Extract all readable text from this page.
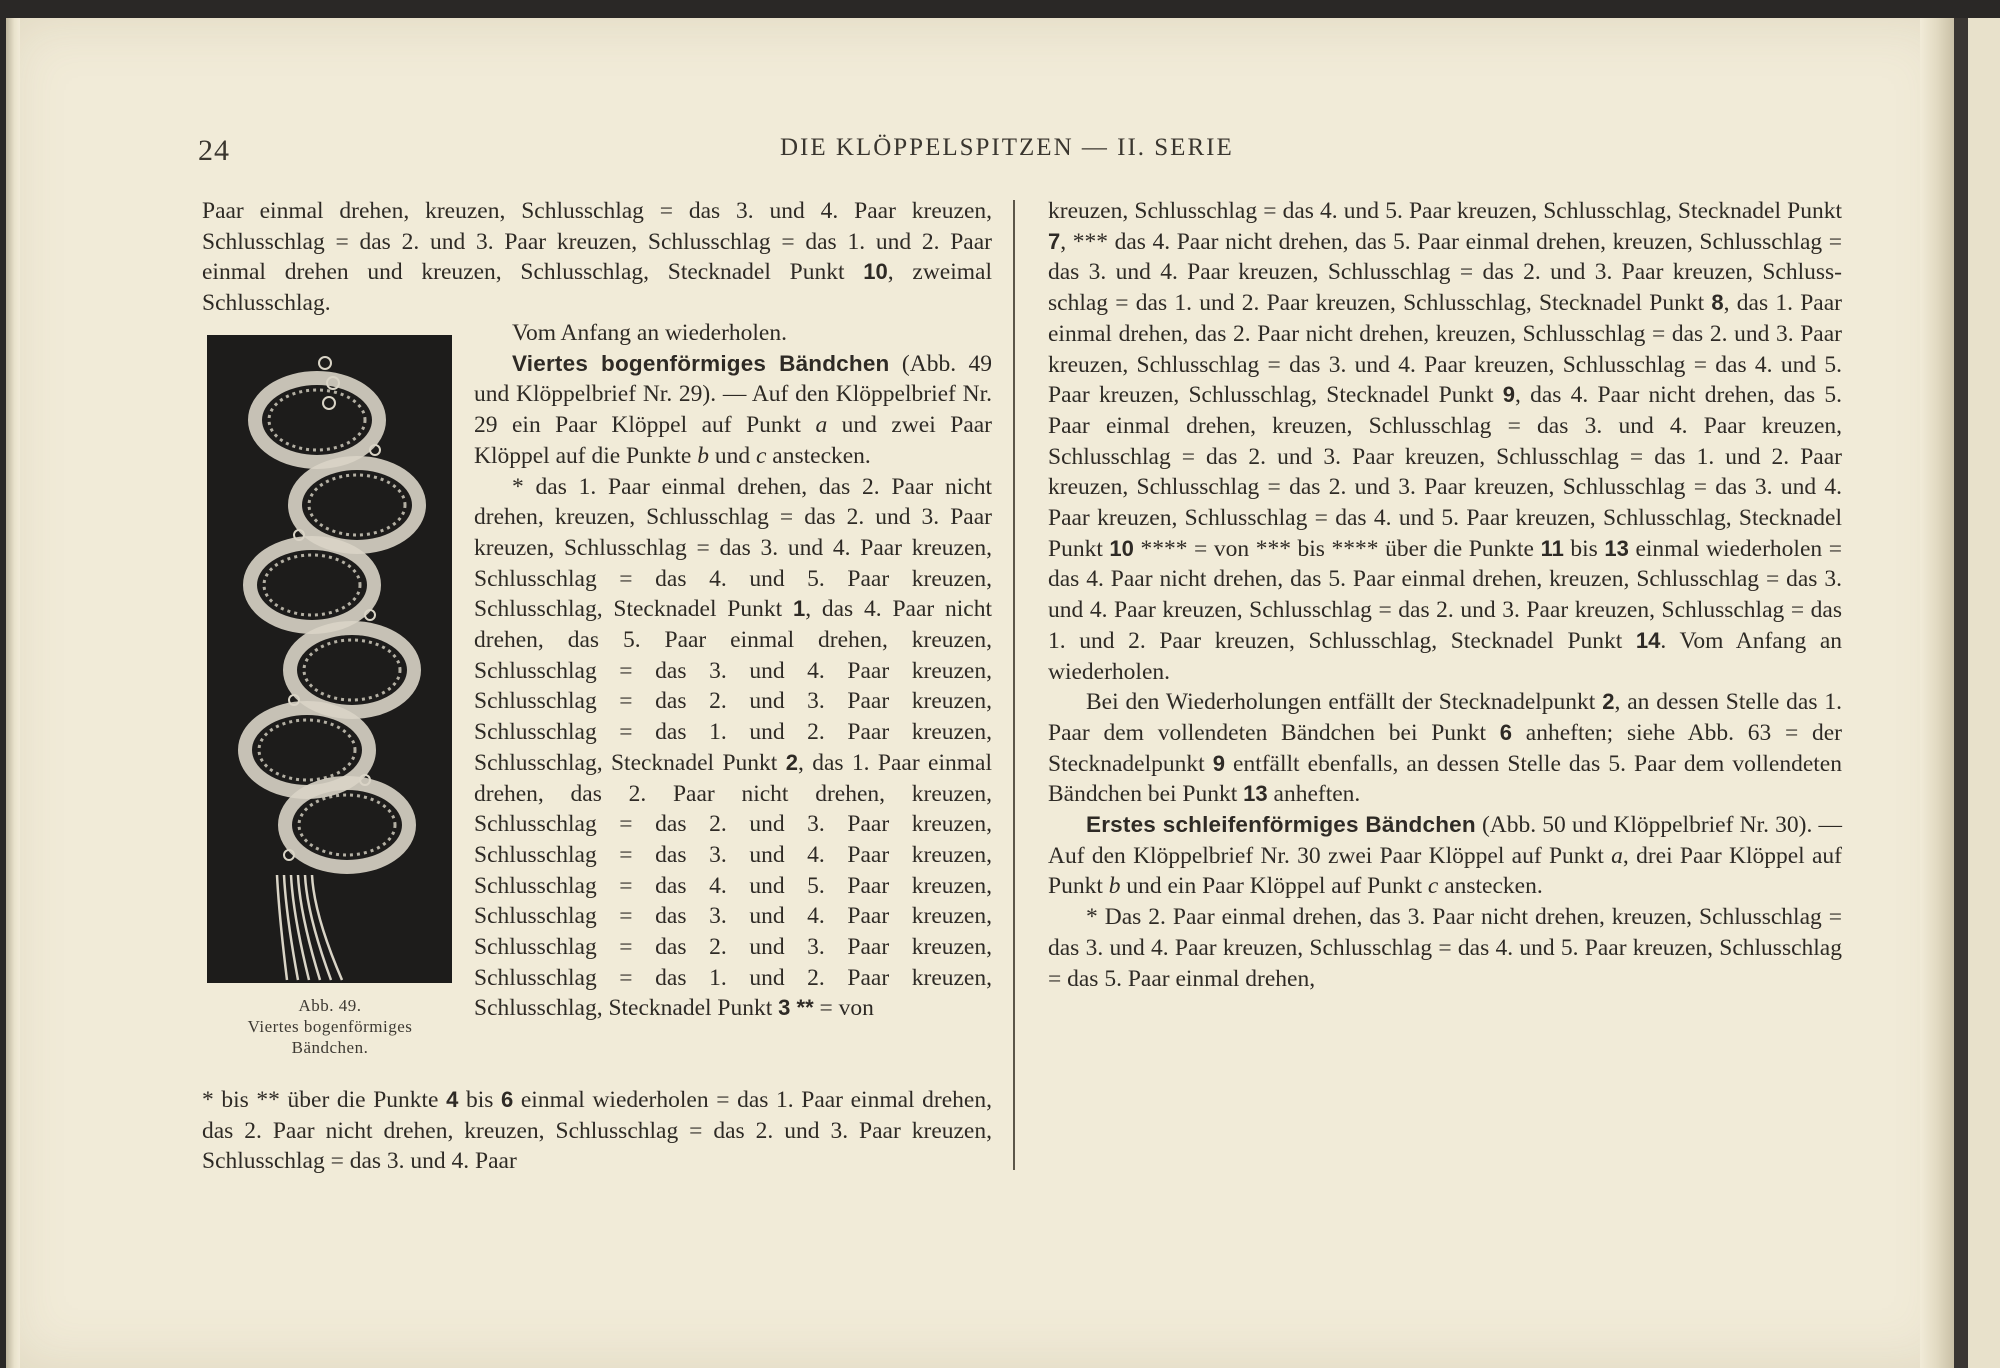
24	DIE KLÖPPELSPITZEN — II. SERIE

Paar einmal drehen, kreuzen, Schlusschlag = das 3. und 4. Paar kreuzen, Schlusschlag = das 2. und 3. Paar kreuzen, Schlusschlag = das 1. und 2. Paar einmal drehen und kreuzen, Schlusschlag, Stecknadel Punkt 10, zweimal Schlusschlag.

Abb. 49.
Viertes bogenförmiges
Bändchen.

Vom Anfang an wiederholen.

Viertes bogenförmiges Bändchen (Abb. 49 und Klöppelbrief Nr. 29). — Auf den Klöppelbrief Nr. 29 ein Paar Klöppel auf Punkt a und zwei Paar Klöppel auf die Punkte b und c anstecken.

* das 1. Paar einmal drehen, das 2. Paar nicht drehen, kreuzen, Schlusschlag = das 2. und 3. Paar kreuzen, Schlusschlag = das 3. und 4. Paar kreuzen, Schlusschlag = das 4. und 5. Paar kreuzen, Schlusschlag, Stecknadel Punkt 1, das 4. Paar nicht drehen, das 5. Paar einmal drehen, kreuzen, Schlusschlag = das 3. und 4. Paar kreuzen, Schlusschlag = das 2. und 3. Paar kreuzen, Schlusschlag = das 1. und 2. Paar kreuzen, Schlusschlag, Stecknadel Punkt 2, das 1. Paar einmal drehen, das 2. Paar nicht drehen, kreuzen, Schlusschlag = das 2. und 3. Paar kreuzen, Schlusschlag = das 3. und 4. Paar kreuzen, Schlusschlag = das 4. und 5. Paar kreuzen, Schlusschlag = das 3. und 4. Paar kreuzen, Schlusschlag = das 2. und 3. Paar kreuzen, Schlusschlag = das 1. und 2. Paar kreuzen, Schlusschlag, Stecknadel Punkt 3 ** = von

* bis ** über die Punkte 4 bis 6 einmal wiederholen = das 1. Paar einmal drehen, das 2. Paar nicht drehen, kreuzen, Schlusschlag = das 2. und 3. Paar kreuzen, Schlusschlag = das 3. und 4. Paar

kreuzen, Schlusschlag = das 4. und 5. Paar kreuzen, Schlusschlag, Stecknadel Punkt 7, *** das 4. Paar nicht drehen, das 5. Paar einmal drehen, kreuzen, Schlusschlag = das 3. und 4. Paar kreuzen, Schlusschlag = das 2. und 3. Paar kreuzen, Schluss-schlag = das 1. und 2. Paar kreuzen, Schlusschlag, Stecknadel Punkt 8, das 1. Paar einmal drehen, das 2. Paar nicht drehen, kreuzen, Schlusschlag = das 2. und 3. Paar kreuzen, Schlusschlag = das 3. und 4. Paar kreuzen, Schlusschlag = das 4. und 5. Paar kreuzen, Schlusschlag, Stecknadel Punkt 9, das 4. Paar nicht drehen, das 5. Paar einmal drehen, kreuzen, Schlusschlag = das 3. und 4. Paar kreuzen, Schlusschlag = das 2. und 3. Paar kreuzen, Schlusschlag = das 1. und 2. Paar kreuzen, Schlusschlag = das 2. und 3. Paar kreuzen, Schlusschlag = das 3. und 4. Paar kreuzen, Schlusschlag = das 4. und 5. Paar kreuzen, Schlusschlag, Stecknadel Punkt 10 **** = von *** bis **** über die Punkte 11 bis 13 einmal wiederholen = das 4. Paar nicht drehen, das 5. Paar einmal drehen, kreuzen, Schlusschlag = das 3. und 4. Paar kreuzen, Schlusschlag = das 2. und 3. Paar kreuzen, Schlusschlag = das 1. und 2. Paar kreuzen, Schlusschlag, Stecknadel Punkt 14. Vom Anfang an wiederholen.

Bei den Wiederholungen entfällt der Stecknadelpunkt 2, an dessen Stelle das 1. Paar dem vollendeten Bändchen bei Punkt 6 anheften; siehe Abb. 63 = der Stecknadelpunkt 9 entfällt ebenfalls, an dessen Stelle das 5. Paar dem vollendeten Bändchen bei Punkt 13 anheften.

Erstes schleifenförmiges Bändchen (Abb. 50 und Klöppelbrief Nr. 30). — Auf den Klöppelbrief Nr. 30 zwei Paar Klöppel auf Punkt a, drei Paar Klöppel auf Punkt b und ein Paar Klöppel auf Punkt c anstecken.

* Das 2. Paar einmal drehen, das 3. Paar nicht drehen, kreuzen, Schlusschlag = das 3. und 4. Paar kreuzen, Schlusschlag = das 4. und 5. Paar kreuzen, Schlusschlag = das 5. Paar einmal drehen,
